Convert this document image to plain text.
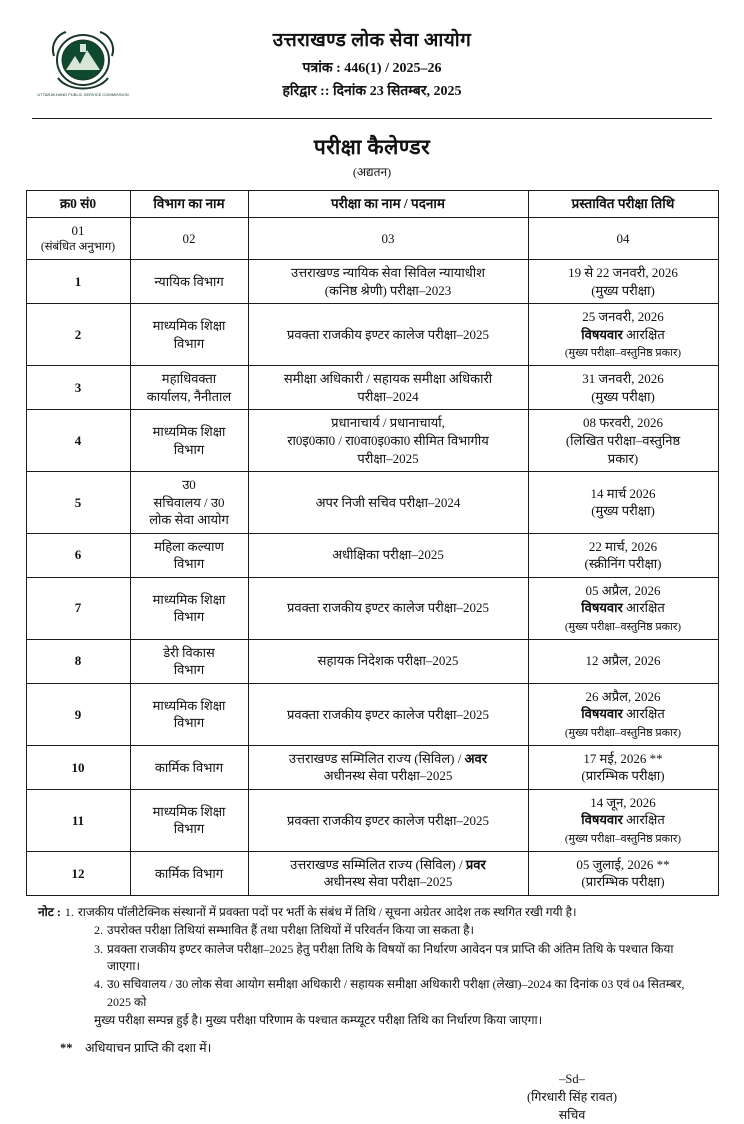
UTTARAKHAND PUBLIC SERVICE COMMISSION
उत्तराखण्ड लोक सेवा आयोग
पत्रांक : 446(1) / 2025–26
हरिद्वार :: दिनांक 23 सितम्बर, 2025
परीक्षा कैलेण्डर
(अद्यतन)
क्र0 सं0	विभाग का नाम	परीक्षा का नाम / पदनाम	प्रस्तावित परीक्षा तिथि

01
(संबंधित अनुभाग)	02	03	04
1	न्यायिक विभाग	उत्तराखण्ड न्यायिक सेवा सिविल न्यायाधीश
(कनिष्ठ श्रेणी) परीक्षा–2023	19 से 22 जनवरी, 2026
(मुख्य परीक्षा)
2	माध्यमिक शिक्षा
विभाग	प्रवक्ता राजकीय इण्टर कालेज परीक्षा–2025	25 जनवरी, 2026
विषयवार आरक्षित
(मुख्य परीक्षा–वस्तुनिष्ठ प्रकार)
3	महाधिवक्ता
कार्यालय, नैनीताल	समीक्षा अधिकारी / सहायक समीक्षा अधिकारी
परीक्षा–2024	31 जनवरी, 2026
(मुख्य परीक्षा)
4	माध्यमिक शिक्षा
विभाग	प्रधानाचार्य / प्रधानाचार्या,
रा0इ0का0 / रा0वा0इ0का0 सीमित विभागीय
परीक्षा–2025	08 फरवरी, 2026
(लिखित परीक्षा–वस्तुनिष्ठ
प्रकार)
5	उ0
सचिवालय / उ0
लोक सेवा आयोग	अपर निजी सचिव परीक्षा–2024	14 मार्च 2026
(मुख्य परीक्षा)
6	महिला कल्याण
विभाग	अधीक्षिका परीक्षा–2025	22 मार्च, 2026
(स्क्रीनिंग परीक्षा)
7	माध्यमिक शिक्षा
विभाग	प्रवक्ता राजकीय इण्टर कालेज परीक्षा–2025	05 अप्रैल, 2026
विषयवार आरक्षित
(मुख्य परीक्षा–वस्तुनिष्ठ प्रकार)
8	डेरी विकास
विभाग	सहायक निदेशक परीक्षा–2025	12 अप्रैल, 2026
9	माध्यमिक शिक्षा
विभाग	प्रवक्ता राजकीय इण्टर कालेज परीक्षा–2025	26 अप्रैल, 2026
विषयवार आरक्षित
(मुख्य परीक्षा–वस्तुनिष्ठ प्रकार)
10	कार्मिक विभाग	उत्तराखण्ड सम्मिलित राज्य (सिविल) / अवर
अधीनस्थ सेवा परीक्षा–2025	17 मई, 2026 **
(प्रारम्भिक परीक्षा)
11	माध्यमिक शिक्षा
विभाग	प्रवक्ता राजकीय इण्टर कालेज परीक्षा–2025	14 जून, 2026
विषयवार आरक्षित
(मुख्य परीक्षा–वस्तुनिष्ठ प्रकार)
12	कार्मिक विभाग	उत्तराखण्ड सम्मिलित राज्य (सिविल) / प्रवर
अधीनस्थ सेवा परीक्षा–2025	05 जुलाई, 2026 **
(प्रारम्भिक परीक्षा)
नोट : 1. राजकीय पॉलीटेक्निक संस्थानों में प्रवक्ता पदों पर भर्ती के संबंध में तिथि / सूचना अग्रेतर आदेश तक स्थगित रखी गयी है।
2. उपरोक्त परीक्षा तिथियां सम्भावित हैं तथा परीक्षा तिथियों में परिवर्तन किया जा सकता है।
3. प्रवक्ता राजकीय इण्टर कालेज परीक्षा–2025 हेतु परीक्षा तिथि के विषयों का निर्धारण आवेदन पत्र प्राप्ति की अंतिम तिथि के पश्चात किया जाएगा।
4. उ0 सचिवालय / उ0 लोक सेवा आयोग समीक्षा अधिकारी / सहायक समीक्षा अधिकारी परीक्षा (लेखा)–2024 का दिनांक 03 एवं 04 सितम्बर, 2025 को
मुख्य परीक्षा सम्पन्न हुई है। मुख्य परीक्षा परिणाम के पश्चात कम्प्यूटर परीक्षा तिथि का निर्धारण किया जाएगा।
** अधियाचन प्राप्ति की दशा में।
–Sd–
(गिरधारी सिंह रावत)
सचिव
